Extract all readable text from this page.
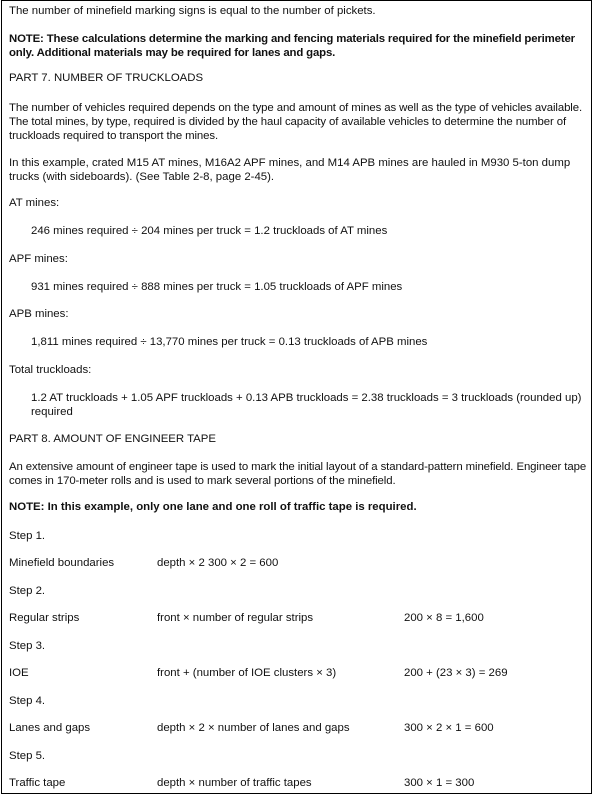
The number of minefield marking signs is equal to the number of pickets.
NOTE: These calculations determine the marking and fencing materials required for the minefield perimeter only. Additional materials may be required for lanes and gaps.
PART 7. NUMBER OF TRUCKLOADS
The number of vehicles required depends on the type and amount of mines as well as the type of vehicles available. The total mines, by type, required is divided by the haul capacity of available vehicles to determine the number of truckloads required to transport the mines.
In this example, crated M15 AT mines, M16A2 APF mines, and M14 APB mines are hauled in M930 5-ton dump trucks (with sideboards). (See Table 2-8, page 2-45).
AT mines:
246 mines required ÷ 204 mines per truck = 1.2 truckloads of AT mines
APF mines:
931 mines required ÷ 888 mines per truck = 1.05 truckloads of APF mines
APB mines:
1,811 mines required ÷ 13,770 mines per truck = 0.13 truckloads of APB mines
Total truckloads:
1.2 AT truckloads + 1.05 APF truckloads + 0.13 APB truckloads = 2.38 truckloads = 3 truckloads (rounded up) required
PART 8. AMOUNT OF ENGINEER TAPE
An extensive amount of engineer tape is used to mark the initial layout of a standard-pattern minefield. Engineer tape comes in 170-meter rolls and is used to mark several portions of the minefield.
NOTE: In this example, only one lane and one roll of traffic tape is required.
Step 1.
Minefield boundaries	depth × 2 300 × 2 = 600
Step 2.
Regular strips	front × number of regular strips	200 × 8 = 1,600
Step 3.
IOE	front + (number of IOE clusters × 3)	200 + (23 × 3) = 269
Step 4.
Lanes and gaps	depth × 2 × number of lanes and gaps	300 × 2 × 1 = 600
Step 5.
Traffic tape	depth × number of traffic tapes	300 × 1 = 300
